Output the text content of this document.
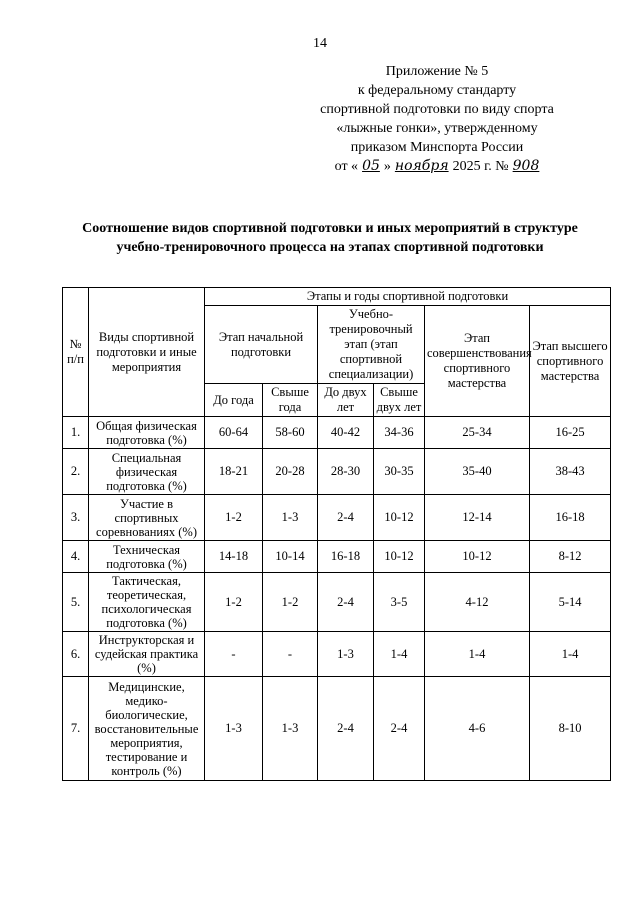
14
Приложение № 5
к федеральному стандарту
спортивной подготовки по виду спорта
«лыжные гонки», утвержденному
приказом Минспорта России
от « 05 » ноября 2025 г. № 908
Соотношение видов спортивной подготовки и иных мероприятий в структуре учебно-тренировочного процесса на этапах спортивной подготовки
№ п/п	Виды спортивной подготовки и иные мероприятия	Этапы и годы спортивной подготовки					
		Этап начальной подготовки		Учебно-тренировочный этап (этап спортивной специализации)		Этап совершенствования спортивного мастерства	Этап высшего спортивного мастерства
		До года	Свыше года	До двух лет	Свыше двух лет		
1.	Общая физическая подготовка (%)	60-64	58-60	40-42	34-36	25-34	16-25
2.	Специальная физическая подготовка (%)	18-21	20-28	28-30	30-35	35-40	38-43
3.	Участие в спортивных соревнованиях (%)	1-2	1-3	2-4	10-12	12-14	16-18
4.	Техническая подготовка (%)	14-18	10-14	16-18	10-12	10-12	8-12
5.	Тактическая, теоретическая, психологическая подготовка (%)	1-2	1-2	2-4	3-5	4-12	5-14
6.	Инструкторская и судейская практика (%)	-	-	1-3	1-4	1-4	1-4
7.	Медицинские, медико-биологические, восстановительные мероприятия, тестирование и контроль (%)	1-3	1-3	2-4	2-4	4-6	8-10
